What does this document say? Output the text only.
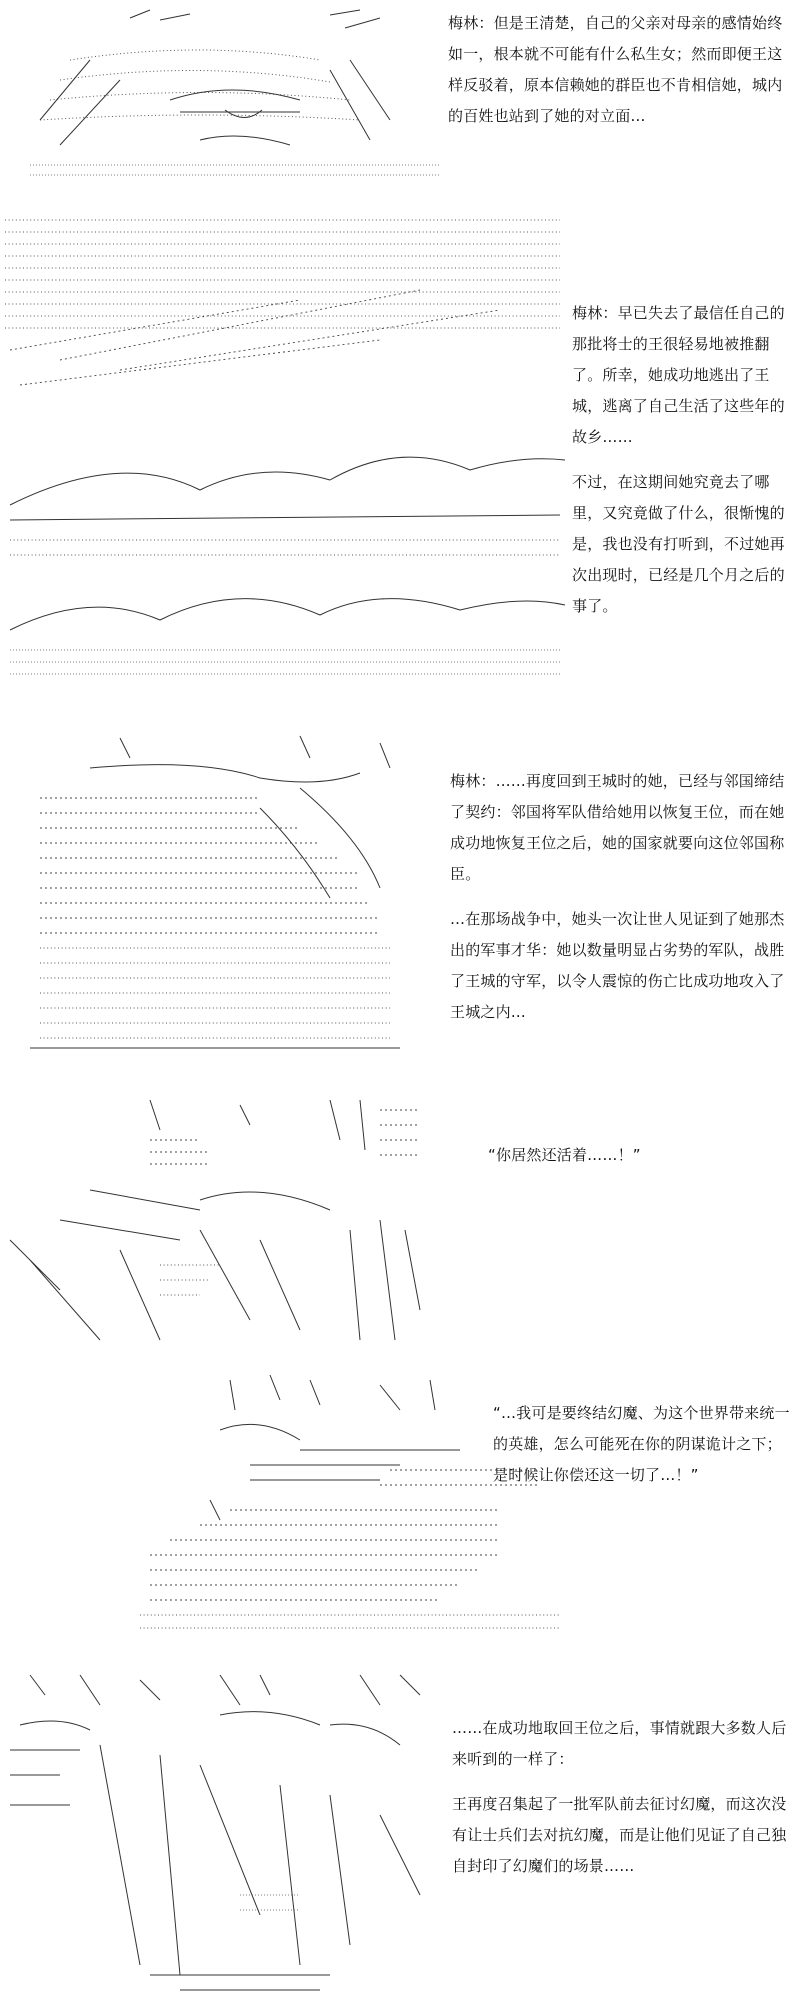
梅林：但是王清楚，自己的父亲对母亲的感情始终如一，根本就不可能有什么私生女；然而即便王这样反驳着，原本信赖她的群臣也不肯相信她，城内的百姓也站到了她的对立面…

梅林：早已失去了最信任自己的那批将士的王很轻易地被推翻了。所幸，她成功地逃出了王城，逃离了自己生活了这些年的故乡……

不过，在这期间她究竟去了哪里，又究竟做了什么，很惭愧的是，我也没有打听到，不过她再次出现时，已经是几个月之后的事了。

梅林：……再度回到王城时的她，已经与邻国缔结了契约：邻国将军队借给她用以恢复王位，而在她成功地恢复王位之后，她的国家就要向这位邻国称臣。

…在那场战争中，她头一次让世人见证到了她那杰出的军事才华：她以数量明显占劣势的军队，战胜了王城的守军，以令人震惊的伤亡比成功地攻入了王城之内…

“你居然还活着……！”

“…我可是要终结幻魔、为这个世界带来统一的英雄，怎么可能死在你的阴谋诡计之下；是时候让你偿还这一切了…！”

……在成功地取回王位之后，事情就跟大多数人后来听到的一样了：

王再度召集起了一批军队前去征讨幻魔，而这次没有让士兵们去对抗幻魔，而是让他们见证了自己独自封印了幻魔们的场景……
